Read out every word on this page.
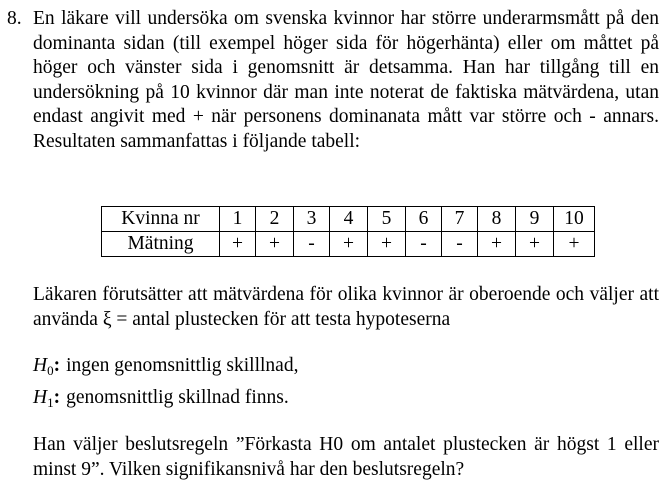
8. En läkare vill undersöka om svenska kvinnor har större underarmsmått på den dominanta sidan (till exempel höger sida för högerhänta) eller om måttet på höger och vänster sida i genomsnitt är detsamma. Han har tillgång till en undersökning på 10 kvinnor där man inte noterat de faktiska mätvärdena, utan endast angivit med + när personens dominanata mått var större och - annars. Resultaten sammanfattas i följande tabell:
Kvinna nr	1	2	3	4	5	6	7	8	9	10
Mätning	+	+	-	+	+	-	-	+	+	+
Läkaren förutsätter att mätvärdena för olika kvinnor är oberoende och väljer att använda ξ = antal plustecken för att testa hypoteserna
$H_0$: ingen genomsnittlig skilllnad,
$H_1$: genomsnittlig skillnad finns.
Han väljer beslutsregeln ”Förkasta H0 om antalet plustecken är högst 1 eller minst 9”. Vilken signifikansnivå har den beslutsregeln?
